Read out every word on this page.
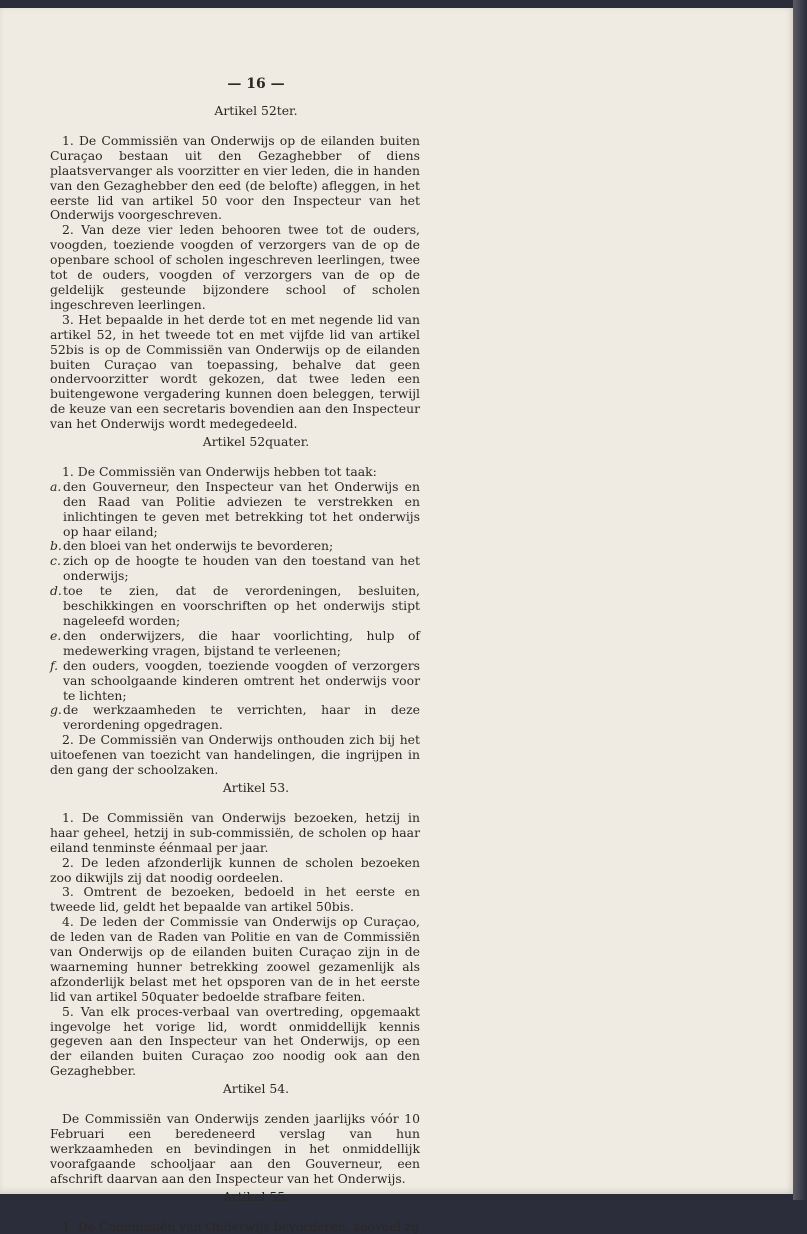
— 16 —
Artikel 52ter.

1. De Commissiën van Onderwijs op de eilanden buiten Curaçao bestaan uit den Gezaghebber of diens plaatsvervanger als voorzitter en vier leden, die in handen van den Gezaghebber den eed (de belofte) afleggen, in het eerste lid van artikel 50 voor den Inspecteur van het Onderwijs voorgeschreven.

2. Van deze vier leden behooren twee tot de ouders, voogden, toeziende voogden of verzorgers van de op de openbare school of scholen ingeschreven leerlingen, twee tot de ouders, voogden of verzorgers van de op de geldelijk gesteunde bijzondere school of scholen ingeschreven leerlingen.

3. Het bepaalde in het derde tot en met negende lid van artikel 52, in het tweede tot en met vijfde lid van artikel 52bis is op de Commissiën van Onderwijs op de eilanden buiten Curaçao van toepassing, behalve dat geen ondervoorzitter wordt gekozen, dat twee leden een buitengewone vergadering kunnen doen beleggen, terwijl de keuze van een secretaris bovendien aan den Inspecteur van het Onderwijs wordt medegedeeld.

Artikel 52quater.

1. De Commissiën van Onderwijs hebben tot taak:

a. den Gouverneur, den Inspecteur van het Onderwijs en den Raad van Politie adviezen te verstrekken en inlichtingen te geven met betrekking tot het onderwijs op haar eiland;
b. den bloei van het onderwijs te bevorderen;
c. zich op de hoogte te houden van den toestand van het onderwijs;
d. toe te zien, dat de verordeningen, besluiten, beschikkingen en voorschriften op het onderwijs stipt nageleefd worden;
e. den onderwijzers, die haar voorlichting, hulp of medewerking vragen, bijstand te verleenen;
f. den ouders, voogden, toeziende voogden of verzorgers van schoolgaande kinderen omtrent het onderwijs voor te lichten;
g. de werkzaamheden te verrichten, haar in deze verordening opgedragen.

2. De Commissiën van Onderwijs onthouden zich bij het uitoefenen van toezicht van handelingen, die ingrijpen in den gang der schoolzaken.

Artikel 53.

1. De Commissiën van Onderwijs bezoeken, hetzij in haar geheel, hetzij in sub-commissiën, de scholen op haar eiland tenminste éénmaal per jaar.

2. De leden afzonderlijk kunnen de scholen bezoeken zoo dikwijls zij dat noodig oordeelen.

3. Omtrent de bezoeken, bedoeld in het eerste en tweede lid, geldt het bepaalde van artikel 50bis.

4. De leden der Commissie van Onderwijs op Curaçao, de leden van de Raden van Politie en van de Commissiën van Onderwijs op de eilanden buiten Curaçao zijn in de waarneming hunner betrekking zoowel gezamenlijk als afzonderlijk belast met het opsporen van de in het eerste lid van artikel 50quater bedoelde strafbare feiten.

5. Van elk proces-verbaal van overtreding, opgemaakt ingevolge het vorige lid, wordt onmiddellijk kennis gegeven aan den Inspecteur van het Onderwijs, op een der eilanden buiten Curaçao zoo noodig ook aan den Gezaghebber.

Artikel 54.

De Commissiën van Onderwijs zenden jaarlijks vóór 10 Februari een beredeneerd verslag van hun werkzaamheden en bevindingen in het onmiddellijk voorafgaande schooljaar aan den Gouverneur, een afschrift daarvan aan den Inspecteur van het Onderwijs.

Artikel 55.

1. De Commissiën van Onderwijs bevorderen, zooveel zij
